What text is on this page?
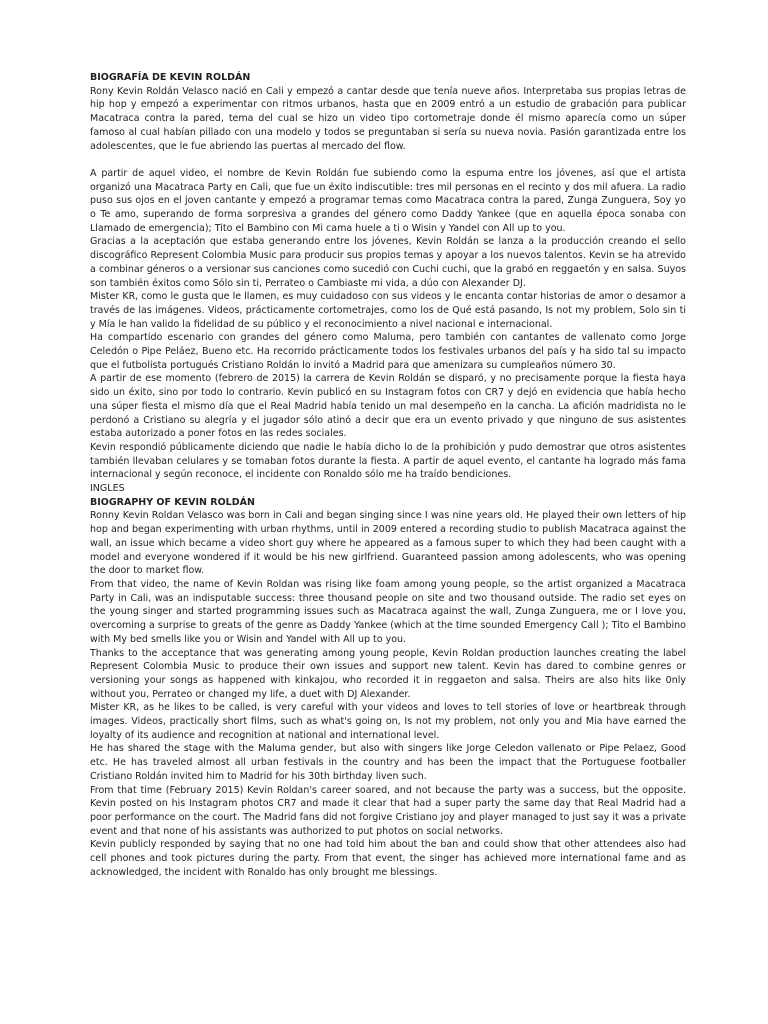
BIOGRAFÍA DE KEVIN ROLDÁN

Rony Kevin Roldán Velasco nació en Cali y empezó a cantar desde que tenía nueve años. Interpretaba sus propias letras de hip hop y empezó a experimentar con ritmos urbanos, hasta que en 2009 entró a un estudio de grabación para publicar Macatraca contra la pared, tema del cual se hizo un video tipo cortometraje donde él mismo aparecía como un súper famoso al cual habían pillado con una modelo y todos se preguntaban si sería su nueva novia. Pasión garantizada entre los adolescentes, que le fue abriendo las puertas al mercado del flow.

A partir de aquel video, el nombre de Kevin Roldán fue subiendo como la espuma entre los jóvenes, así que el artista organizó una Macatraca Party en Cali, que fue un éxito indiscutible: tres mil personas en el recinto y dos mil afuera. La radio puso sus ojos en el joven cantante y empezó a programar temas como Macatraca contra la pared, Zunga Zunguera, Soy yo o Te amo, superando de forma sorpresiva a grandes del género como Daddy Yankee (que en aquella época sonaba con Llamado de emergencia); Tito el Bambino con Mi cama huele a ti o Wisin y Yandel con All up to you.

Gracias a la aceptación que estaba generando entre los jóvenes, Kevin Roldán se lanza a la producción creando el sello discográfico Represent Colombia Music para producir sus propios temas y apoyar a los nuevos talentos. Kevin se ha atrevido a combinar géneros o a versionar sus canciones como sucedió con Cuchi cuchi, que la grabó en reggaetón y en salsa. Suyos son también éxitos como Sólo sin ti, Perrateo o Cambiaste mi vida, a dúo con Alexander DJ.

Mister KR, como le gusta que le llamen, es muy cuidadoso con sus videos y le encanta contar historias de amor o desamor a través de las imágenes. Videos, prácticamente cortometrajes, como los de Qué está pasando, Is not my problem, Solo sin ti y Mía le han valido la fidelidad de su público y el reconocimiento a nivel nacional e internacional.

Ha compartido escenario con grandes del género como Maluma, pero también con cantantes de vallenato como Jorge Celedón o Pipe Peláez, Bueno etc. Ha recorrido prácticamente todos los festivales urbanos del país y ha sido tal su impacto que el futbolista portugués Cristiano Roldán lo invitó a Madrid para que amenizara su cumpleaños número 30.

A partir de ese momento (febrero de 2015) la carrera de Kevin Roldán se disparó, y no precisamente porque la fiesta haya sido un éxito, sino por todo lo contrario. Kevin publicó en su Instagram fotos con CR7 y dejó en evidencia que había hecho una súper fiesta el mismo día que el Real Madrid había tenido un mal desempeño en la cancha. La afición madridista no le perdonó a Cristiano su alegría y el jugador sólo atinó a decir que era un evento privado y que ninguno de sus asistentes estaba autorizado a poner fotos en las redes sociales.

Kevin respondió públicamente diciendo que nadie le había dicho lo de la prohibición y pudo demostrar que otros asistentes también llevaban celulares y se tomaban fotos durante la fiesta. A partir de aquel evento, el cantante ha logrado más fama internacional y según reconoce, el incidente con Ronaldo sólo me ha traído bendiciones.

INGLES

BIOGRAPHY OF KEVIN ROLDÁN

Ronny Kevin Roldan Velasco was born in Cali and began singing since I was nine years old. He played their own letters of hip hop and began experimenting with urban rhythms, until in 2009 entered a recording studio to publish Macatraca against the wall, an issue which became a video short guy where he appeared as a famous super to which they had been caught with a model and everyone wondered if it would be his new girlfriend. Guaranteed passion among adolescents, who was opening the door to market flow.

From that video, the name of Kevin Roldan was rising like foam among young people, so the artist organized a Macatraca Party in Cali, was an indisputable success: three thousand people on site and two thousand outside. The radio set eyes on the young singer and started programming issues such as Macatraca against the wall, Zunga Zunguera, me or I love you, overcoming a surprise to greats of the genre as Daddy Yankee (which at the time sounded Emergency Call ); Tito el Bambino with My bed smells like you or Wisin and Yandel with All up to you.

Thanks to the acceptance that was generating among young people, Kevin Roldan production launches creating the label Represent Colombia Music to produce their own issues and support new talent. Kevin has dared to combine genres or versioning your songs as happened with kinkajou, who recorded it in reggaeton and salsa. Theirs are also hits like 0nly without you, Perrateo or changed my life, a duet with DJ Alexander.

Mister KR, as he likes to be called, is very careful with your videos and loves to tell stories of love or heartbreak through images. Videos, practically short films, such as what's going on, Is not my problem, not only you and Mia have earned the loyalty of its audience and recognition at national and international level.

He has shared the stage with the Maluma gender, but also with singers like Jorge Celedon vallenato or Pipe Pelaez, Good etc. He has traveled almost all urban festivals in the country and has been the impact that the Portuguese footballer Cristiano Roldán invited him to Madrid for his 30th birthday liven such.

From that time (February 2015) Kevin Roldan's career soared, and not because the party was a success, but the opposite. Kevin posted on his Instagram photos CR7 and made it clear that had a super party the same day that Real Madrid had a poor performance on the court. The Madrid fans did not forgive Cristiano joy and player managed to just say it was a private event and that none of his assistants was authorized to put photos on social networks.

Kevin publicly responded by saying that no one had told him about the ban and could show that other attendees also had cell phones and took pictures during the party. From that event, the singer has achieved more international fame and as acknowledged, the incident with Ronaldo has only brought me blessings.
